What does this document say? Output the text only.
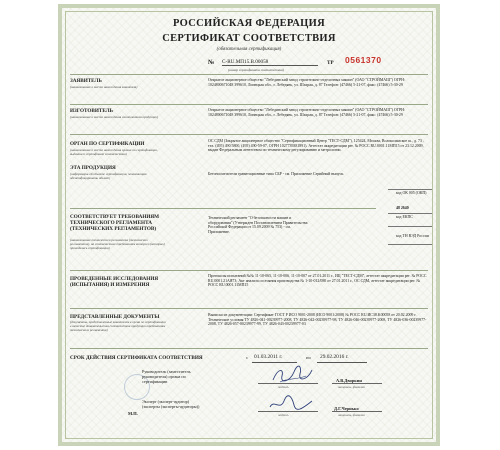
РОССИЙСКАЯ ФЕДЕРАЦИЯ
СЕРТИФИКАТ СООТВЕТСТВИЯ
(обязательная сертификация)
№ C-RU.МП15.В.00058
(номер сертификата соответствия)
ТР 0561370
ЗАЯВИТЕЛЬ
(наименование и место нахождения заявителя)
Открытое акционерное общество "Лебединский завод строительно-отделочных машин" (ОАО "СТРОЙМАШ") ОГРН: 1024800671048 399610, Липецкая обл., г. Лебедянь, ул. Шахрая, д. 87 Телефон: (47466) 5-21-07, факс: (47466) 5-30-29
ИЗГОТОВИТЕЛЬ
(наименование и место нахождения изготовителя продукции)
Открытое акционерное общество "Лебединский завод строительно-отделочных машин" (ОАО "СТРОЙМАШ") ОГРН: 1024800671048 399610, Липецкая обл., г. Лебедянь, ул. Шахрая, д. 87 Телефон: (47466) 5-21-07, факс: (47466) 5-30-29
ОРГАН ПО СЕРТИФИКАЦИИ
(наименование и место нахождения органа по сертификации, выдавшего сертификат соответствия)
ОС СДМ (Закрытое акционерное общество "Сертификационный Центр "ТЕСТ-СДМ"), 125424, Москва, Волоколамское ш., д. 73 , тел. (495) 490 5800, (495) 490-59-07, ОГРН 1027739381891). Аттестат аккредитации рег. № РОСС RU.0001.11МП15 от 23.12.2009, выдан Федеральным агентством по техническому регулированию и метрологии.
ЭТА ПРОДУКЦИЯ
(информация об объекте сертификации, позволяющая идентифицировать объект)
Бетоносмесители гравитационные типа СБР - см. Приложение Серийный выпуск.
код ОК 005 (ОКП)
48 2640
код ЕКПС
код ТН ВЭД России
СООТВЕТСТВУЕТ ТРЕБОВАНИЯМ ТЕХНИЧЕСКОГО РЕГЛАМЕНТА (ТЕХНИЧЕСКИХ РЕГЛАМЕНТОВ)
(наименование технического регламента (технических регламентов), на соответствие требованиям которого (которых) проводилась сертификация)
Технический регламент "О безопасности машин и оборудования" (Утвержден Постановлением Правительства Российской Федерации от 15.09.2009 № 753) - см. Приложение.
ПРОВЕДЕННЫЕ ИССЛЕДОВАНИЯ (ИСПЫТАНИЯ) И ИЗМЕРЕНИЯ
Протоколы испытаний №№ 11-10-065, 11-10-006, 11-10-007 от 27.01.2011 г., ИЦ "ТЕСТ-СДМ", аттестат аккредитации рег. № РОСС RU.0001.21АЯ73; Акт анализа состояния производства № 1-10-012/080 от 27.01.2011 г., ОС СДМ, аттестат аккредитации рег. № РОСС RU.0001.11МП15
ПРЕДСТАВЛЕННЫЕ ДОКУМЕНТЫ
(документы, представленные заявителем в орган по сертификации в качестве доказательства соответствия продукции требованиям технического регламента)
Выписка из документации: Сертификат ГОСТ Р ИСО 9001-2008 (ИСО 9001:2008) № РОСС RU.ИС38.K00058 от 20.02.2009 г. Технические условия ТУ 4826-041-00239977-2008, ТУ 4826-042-00239977-98, ТУ 4826-046-00239977-2008, ТУ 4826-036-00239977-2008, ТУ 4826-057-00239977-99, ТУ 4826-043-00239977-03
СРОК ДЕЙСТВИЯ СЕРТИФИКАТА СООТВЕТСТВИЯ	с 01.03.2011 г.	по 29.02.2016 г.
Руководитель (заместитель руководителя) органа по сертификации
подпись
А.В.Дворкин
инициалы, фамилия
М.П.
Эксперт (эксперт-аудитор) (эксперты (эксперты-аудиторы))
подпись
Д.Г.Чернько
инициалы, фамилия
